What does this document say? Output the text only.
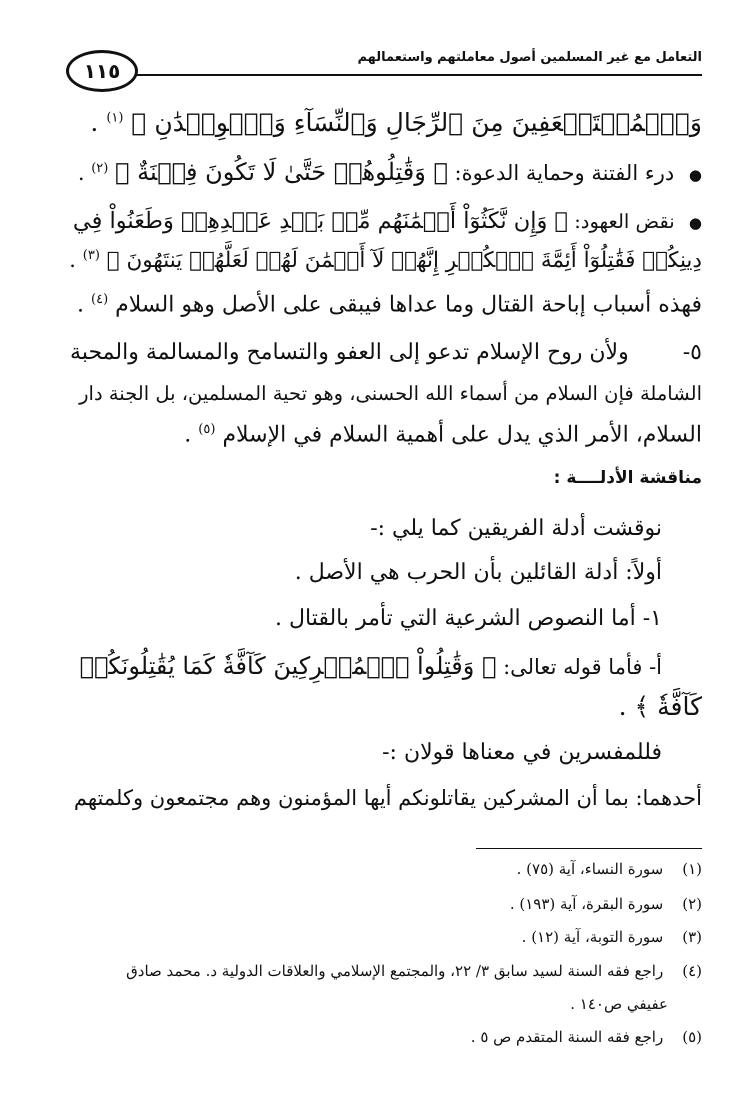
١١٥
التعامل مع غير المسلمين أصول معاملتهم واستعمالهم
وَٱلۡمُسۡتَضۡعَفِينَ مِنَ ٱلرِّجَالِ وَٱلنِّسَآءِ وَٱلۡوِلۡدَٰنِ ﴾ $^{(١)}$ .
● درء الفتنة وحماية الدعوة: ﴿ وَقَٰتِلُوهُمۡ حَتَّىٰ لَا تَكُونَ فِتۡنَةٌ ﴾ $^{(٢)}$ .
● نقض العهود: ﴿ وَإِن نَّكَثُوٓاْ أَيۡمَٰنَهُم مِّنۢ بَعۡدِ عَهۡدِهِمۡ وَطَعَنُواْ فِي
دِينِكُمۡ فَقَٰتِلُوٓاْ أَئِمَّةَ ٱلۡكُفۡرِ إِنَّهُمۡ لَآ أَيۡمَٰنَ لَهُمۡ لَعَلَّهُمۡ يَنتَهُونَ ﴾ $^{(٣)}$ .
فهذه أسباب إباحة القتال وما عداها فيبقى على الأصل وهو السلام $^{(٤)}$ .
٥-  ولأن روح الإسلام تدعو إلى العفو والتسامح والمسالمة والمحبة
الشاملة فإن السلام من أسماء الله الحسنى، وهو تحية المسلمين، بل الجنة دار
السلام، الأمر الذي يدل على أهمية السلام في الإسلام $^{(٥)}$ .
مناقشة الأدلــــة :
نوقشت أدلة الفريقين كما يلي :-
أولاً: أدلة القائلين بأن الحرب هي الأصل .
١- أما النصوص الشرعية التي تأمر بالقتال .
أ- فأما قوله تعالى: ﴿ وَقَٰتِلُواْ ٱلۡمُشۡرِكِينَ كَآفَّةٗ كَمَا يُقَٰتِلُونَكُمۡ
كَآفَّةٗ ﴾ .
فللمفسرين في معناها قولان :-
أحدهما: بما أن المشركين يقاتلونكم أيها المؤمنون وهم مجتمعون وكلمتهم
(١) سورة النساء، آية (٧٥) .
(٢) سورة البقرة، آية (١٩٣) .
(٣) سورة التوبة، آية (١٢) .
(٤) راجع فقه السنة لسيد سابق ٣/ ٢٢، والمجتمع الإسلامي والعلاقات الدولية د. محمد صادق
عفيفي ص١٤٠ .
(٥) راجع فقه السنة المتقدم ص ٥ .
